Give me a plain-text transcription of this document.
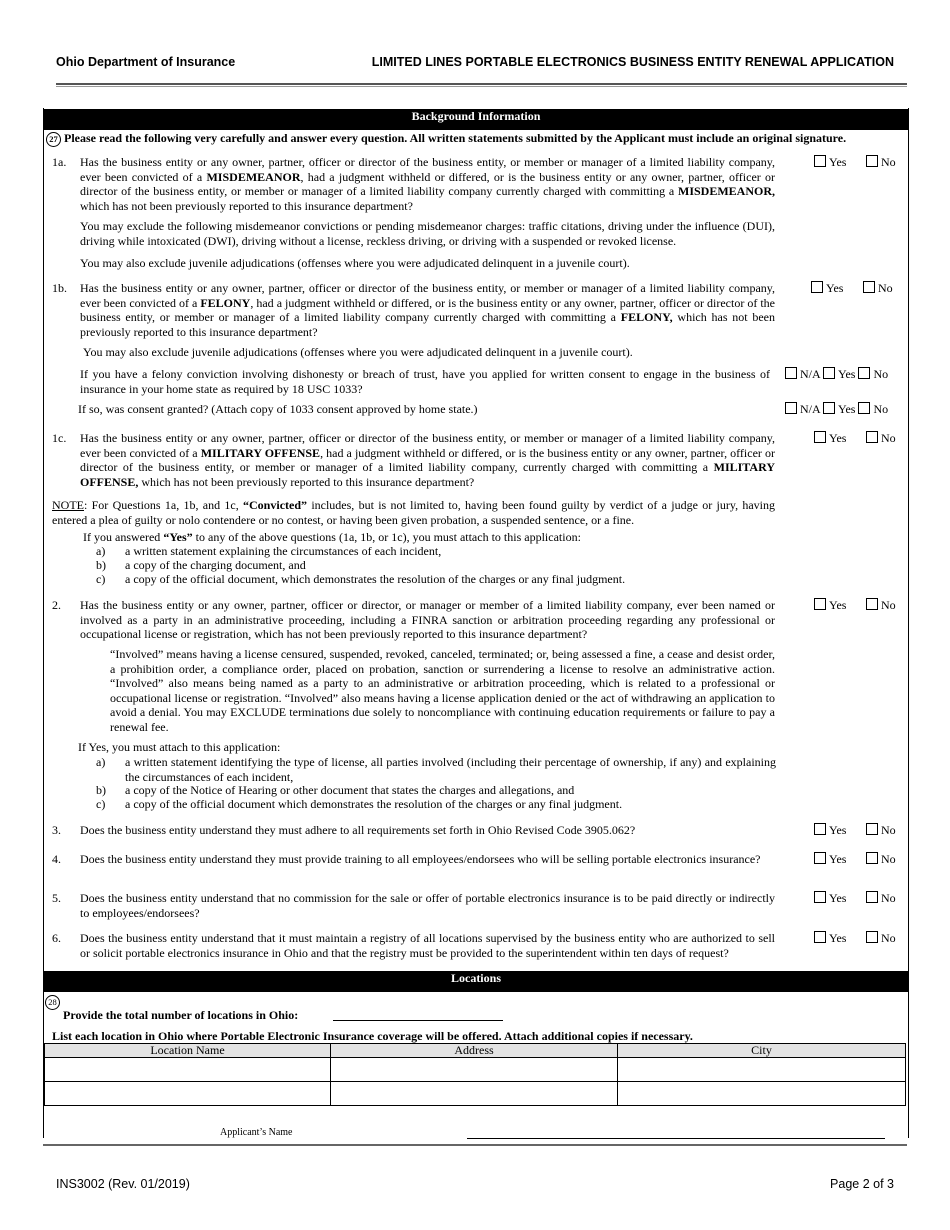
Ohio Department of Insurance	LIMITED LINES PORTABLE ELECTRONICS BUSINESS ENTITY RENEWAL APPLICATION
Background Information
27 Please read the following very carefully and answer every question. All written statements submitted by the Applicant must include an original signature.
1a. Has the business entity or any owner, partner, officer or director of the business entity, or member or manager of a limited liability company, ever been convicted of a MISDEMEANOR, had a judgment withheld or differed, or is the business entity or any owner, partner, officer or director of the business entity, or member or manager of a limited liability company currently charged with committing a MISDEMEANOR, which has not been previously reported to this insurance department?
Yes	No
You may exclude the following misdemeanor convictions or pending misdemeanor charges: traffic citations, driving under the influence (DUI), driving while intoxicated (DWI), driving without a license, reckless driving, or driving with a suspended or revoked license.
You may also exclude juvenile adjudications (offenses where you were adjudicated delinquent in a juvenile court).
1b. Has the business entity or any owner, partner, officer or director of the business entity, or member or manager of a limited liability company, ever been convicted of a FELONY, had a judgment withheld or differed, or is the business entity or any owner, partner, officer or director of the business entity, or member or manager of a limited liability company currently charged with committing a FELONY, which has not been previously reported to this insurance department?
Yes	No
You may also exclude juvenile adjudications (offenses where you were adjudicated delinquent in a juvenile court).
If you have a felony conviction involving dishonesty or breach of trust, have you applied for written consent to engage in the business of insurance in your home state as required by 18 USC 1033?
N/A Yes No
If so, was consent granted? (Attach copy of 1033 consent approved by home state.)	N/A Yes No
1c. Has the business entity or any owner, partner, officer or director of the business entity, or member or manager of a limited liability company, ever been convicted of a MILITARY OFFENSE, had a judgment withheld or differed, or is the business entity or any owner, partner, officer or director of the business entity, or member or manager of a limited liability company, currently charged with committing a MILITARY OFFENSE, which has not been previously reported to this insurance department?
Yes	No
NOTE: For Questions 1a, 1b, and 1c, “Convicted” includes, but is not limited to, having been found guilty by verdict of a judge or jury, having entered a plea of guilty or nolo contendere or no contest, or having been given probation, a suspended sentence, or a fine.
If you answered “Yes” to any of the above questions (1a, 1b, or 1c), you must attach to this application:
a) a written statement explaining the circumstances of each incident,
b) a copy of the charging document, and
c) a copy of the official document, which demonstrates the resolution of the charges or any final judgment.
2. Has the business entity or any owner, partner, officer or director, or manager or member of a limited liability company, ever been named or involved as a party in an administrative proceeding, including a FINRA sanction or arbitration proceeding regarding any professional or occupational license or registration, which has not been previously reported to this insurance department?
Yes	No
“Involved” means having a license censured, suspended, revoked, canceled, terminated; or, being assessed a fine, a cease and desist order, a prohibition order, a compliance order, placed on probation, sanction or surrendering a license to resolve an administrative action. “Involved” also means being named as a party to an administrative or arbitration proceeding, which is related to a professional or occupational license or registration. “Involved” also means having a license application denied or the act of withdrawing an application to avoid a denial. You may EXCLUDE terminations due solely to noncompliance with continuing education requirements or failure to pay a renewal fee.
If Yes, you must attach to this application:
a) a written statement identifying the type of license, all parties involved (including their percentage of ownership, if any) and explaining the circumstances of each incident,
b) a copy of the Notice of Hearing or other document that states the charges and allegations, and
c) a copy of the official document which demonstrates the resolution of the charges or any final judgment.
3. Does the business entity understand they must adhere to all requirements set forth in Ohio Revised Code 3905.062?	Yes	No
4. Does the business entity understand they must provide training to all employees/endorsees who will be selling portable electronics insurance?	Yes	No
5. Does the business entity understand that no commission for the sale or offer of portable electronics insurance is to be paid directly or indirectly to employees/endorsees?
Yes	No
6. Does the business entity understand that it must maintain a registry of all locations supervised by the business entity who are authorized to sell or solicit portable electronics insurance in Ohio and that the registry must be provided to the superintendent within ten days of request?
Yes	No
Locations
28
Provide the total number of locations in Ohio:
List each location in Ohio where Portable Electronic Insurance coverage will be offered. Attach additional copies if necessary.
Location Name	Address	City

Applicant’s Name
INS3002 (Rev. 01/2019)	Page 2 of 3
